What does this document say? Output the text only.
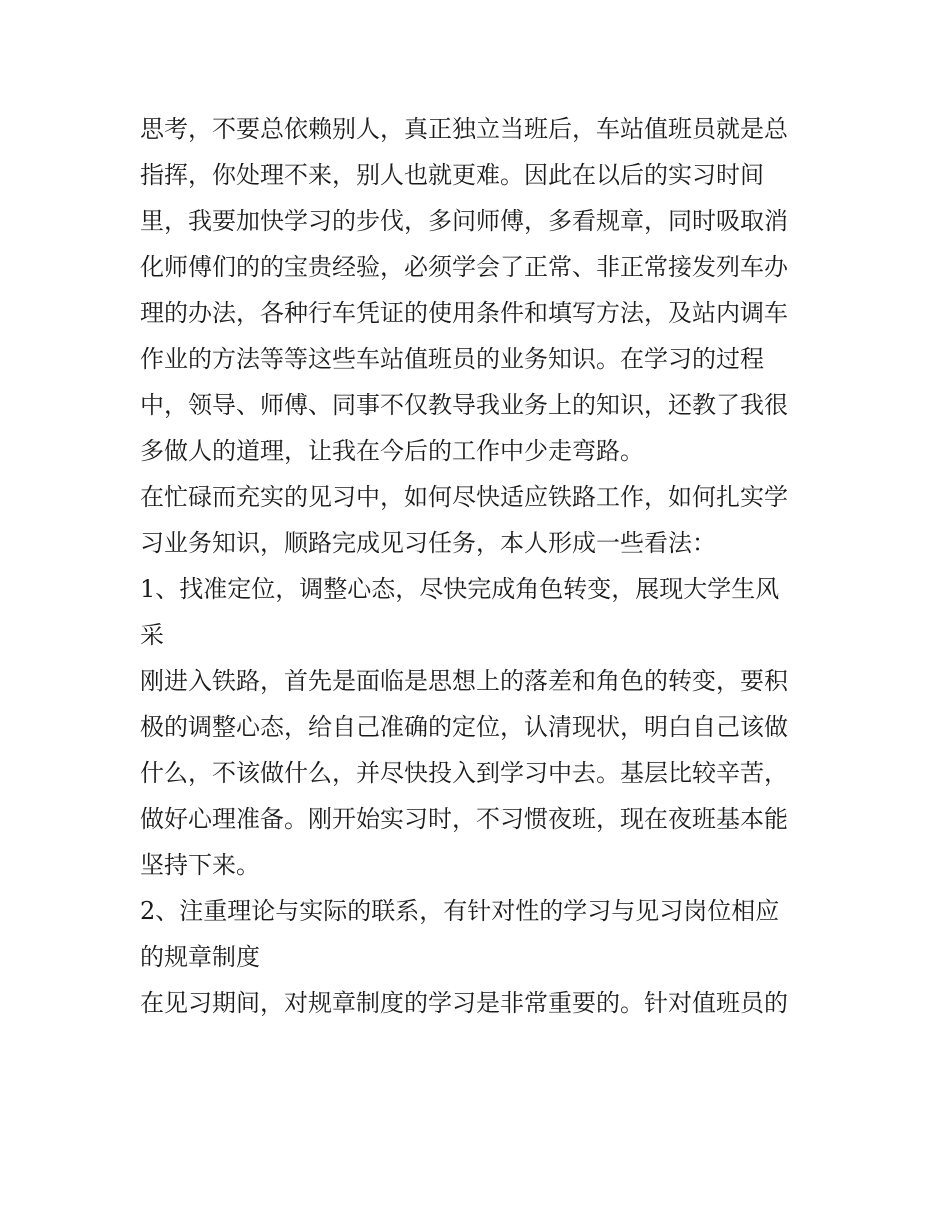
思考，不要总依赖别人，真正独立当班后，车站值班员就是总
指挥，你处理不来，别人也就更难。因此在以后的实习时间
里，我要加快学习的步伐，多问师傅，多看规章，同时吸取消
化师傅们的的宝贵经验，必须学会了正常、非正常接发列车办
理的办法，各种行车凭证的使用条件和填写方法，及站内调车
作业的方法等等这些车站值班员的业务知识。在学习的过程
中，领导、师傅、同事不仅教导我业务上的知识，还教了我很
多做人的道理，让我在今后的工作中少走弯路。
在忙碌而充实的见习中，如何尽快适应铁路工作，如何扎实学
习业务知识，顺路完成见习任务，本人形成一些看法：
1、找准定位，调整心态，尽快完成角色转变，展现大学生风
采
刚进入铁路，首先是面临是思想上的落差和角色的转变，要积
极的调整心态，给自己准确的定位，认清现状，明白自己该做
什么，不该做什么，并尽快投入到学习中去。基层比较辛苦，
做好心理准备。刚开始实习时，不习惯夜班，现在夜班基本能
坚持下来。
2、注重理论与实际的联系，有针对性的学习与见习岗位相应
的规章制度
在见习期间，对规章制度的学习是非常重要的。针对值班员的
